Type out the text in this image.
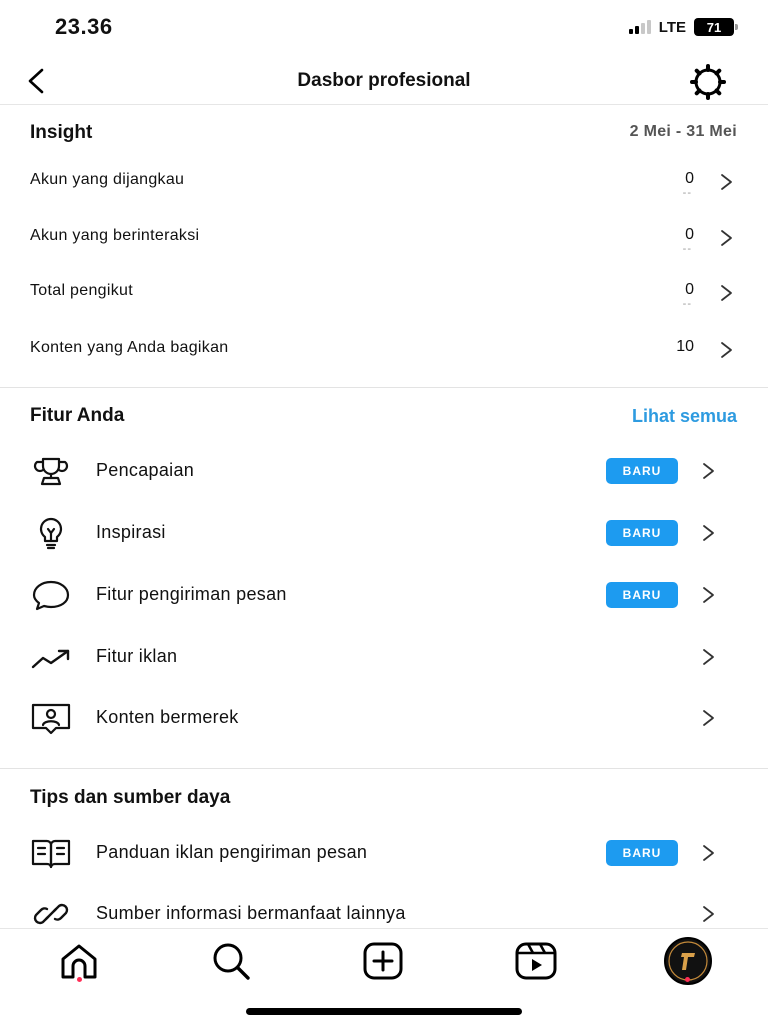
23.36	LTE 71
Dasbor profesional
Insight	2 Mei - 31 Mei
Akun yang dijangkau	0
--
Akun yang berinteraksi	0
--
Total pengikut	0
--
Konten yang Anda bagikan	10
Fitur Anda	Lihat semua
Pencapaian	BARU
Inspirasi	BARU
Fitur pengiriman pesan	BARU
Fitur iklan
Konten bermerek
Tips dan sumber daya
Panduan iklan pengiriman pesan	BARU
Sumber informasi bermanfaat lainnya
